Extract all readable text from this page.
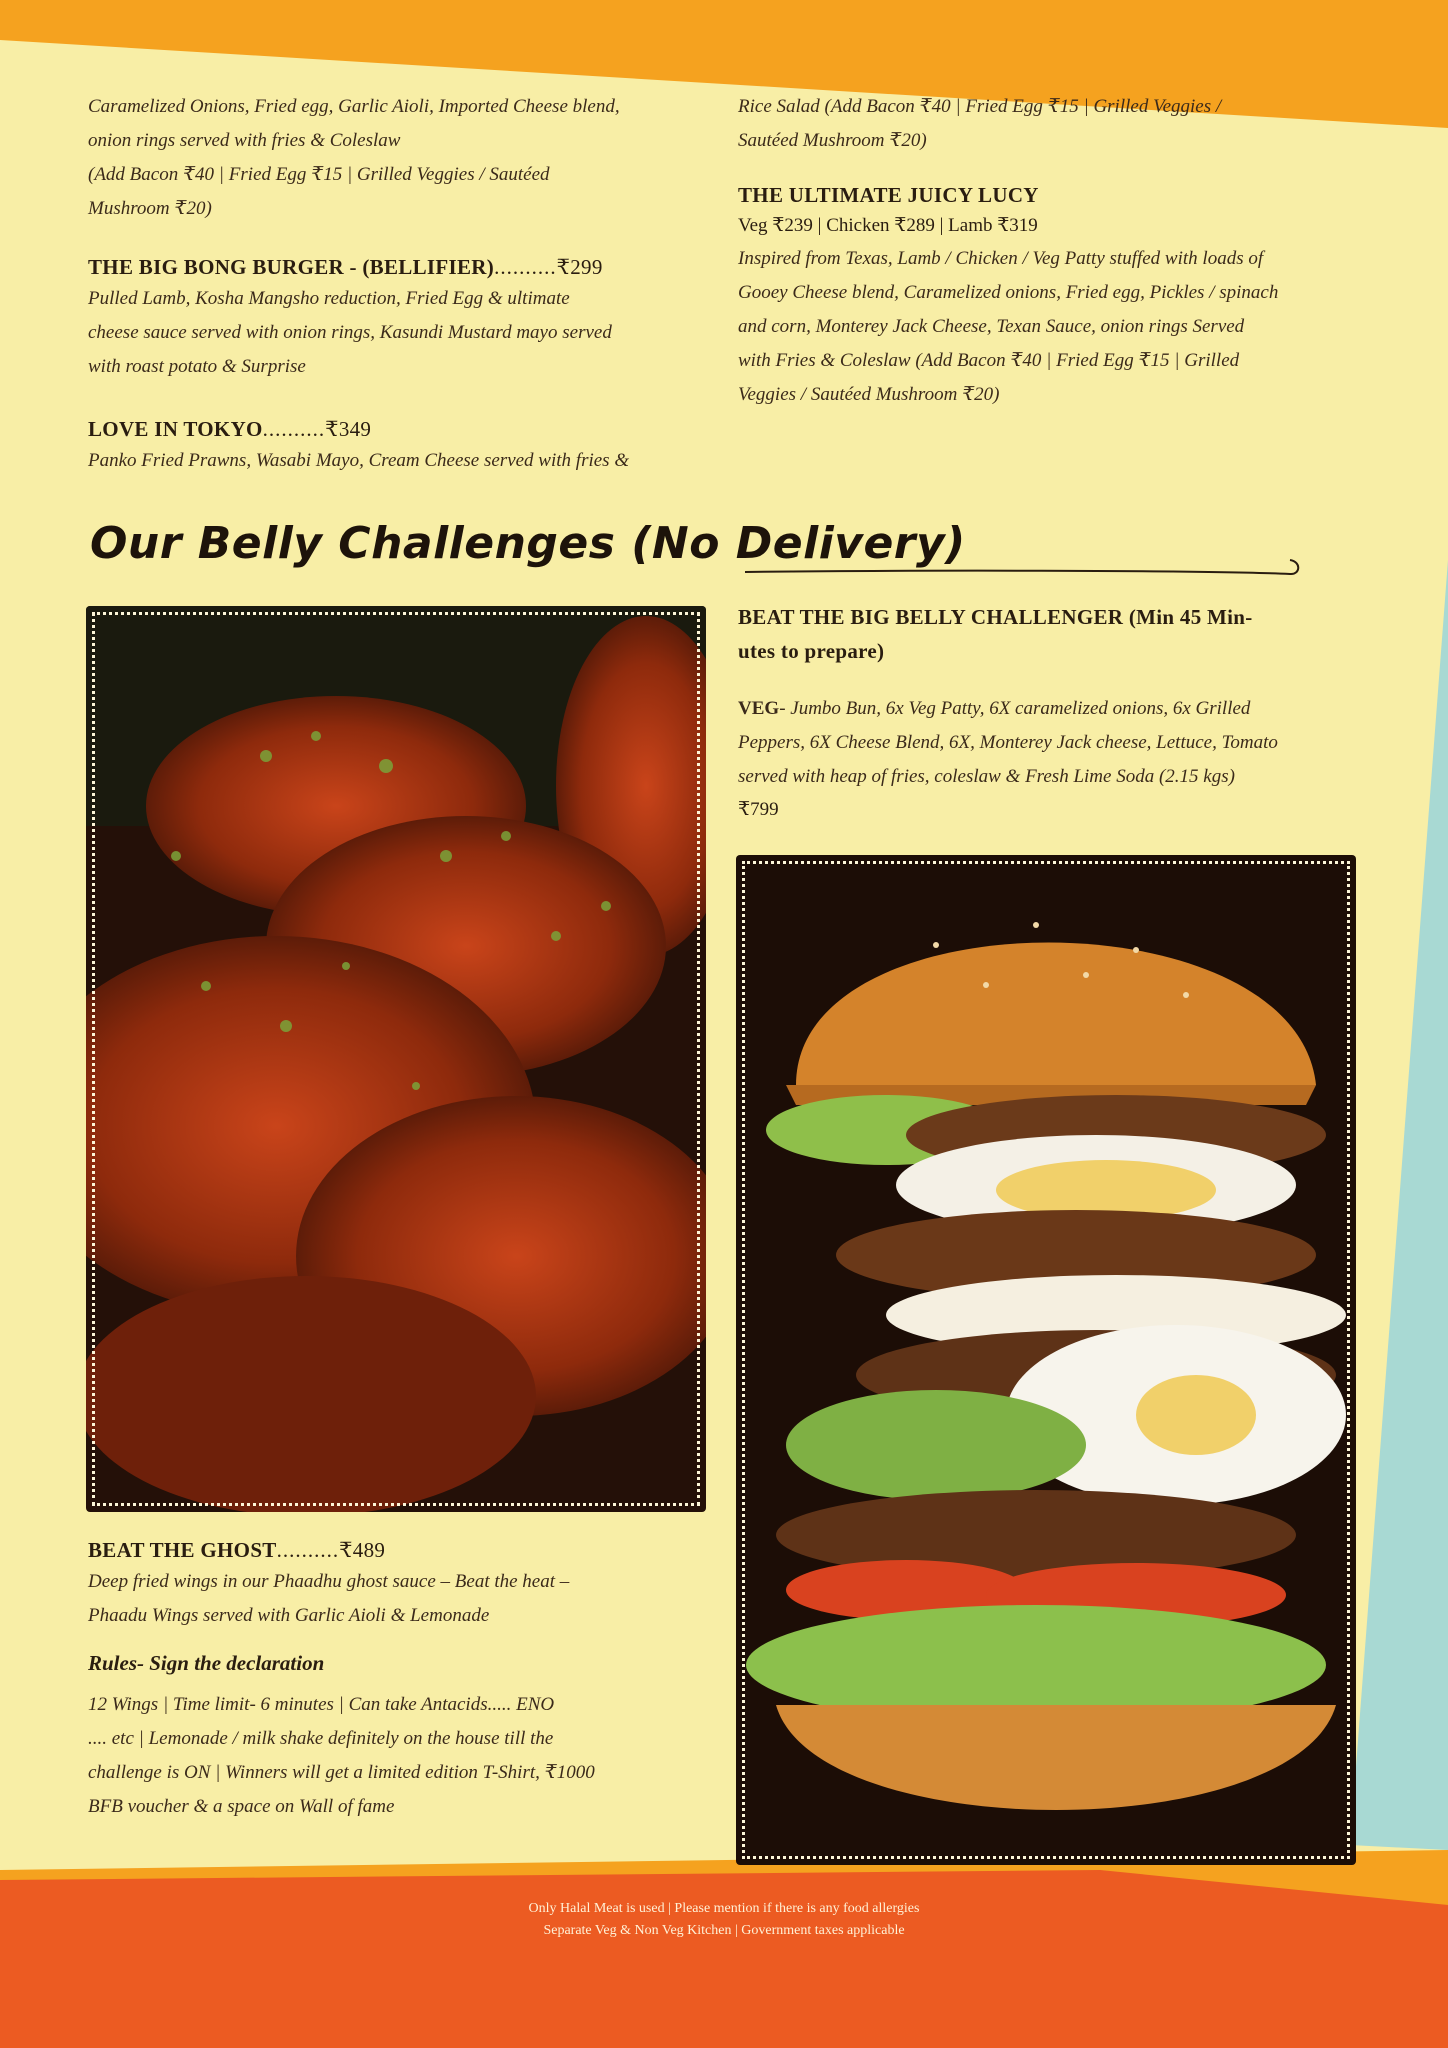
Caramelized Onions, Fried egg, Garlic Aioli, Imported Cheese blend,

onion rings served with fries & Coleslaw

(Add Bacon ₹40 | Fried Egg ₹15 | Grilled Veggies / Sautéed

Mushroom ₹20)

THE BIG BONG BURGER - (BELLIFIER)..........₹299

Pulled Lamb, Kosha Mangsho reduction, Fried Egg & ultimate

cheese sauce served with onion rings, Kasundi Mustard mayo served

with roast potato & Surprise

LOVE IN TOKYO..........₹349

Panko Fried Prawns, Wasabi Mayo, Cream Cheese served with fries &

Rice Salad (Add Bacon ₹40 | Fried Egg ₹15 | Grilled Veggies /

Sautéed Mushroom ₹20)

THE ULTIMATE JUICY LUCY

Veg ₹239 | Chicken ₹289 | Lamb ₹319

Inspired from Texas, Lamb / Chicken / Veg Patty stuffed with loads of

Gooey Cheese blend, Caramelized onions, Fried egg, Pickles / spinach

and corn, Monterey Jack Cheese, Texan Sauce, onion rings Served

with Fries & Coleslaw (Add Bacon ₹40 | Fried Egg ₹15 | Grilled

Veggies / Sautéed Mushroom ₹20)

Our Belly Challenges (No Delivery)

BEAT THE GHOST..........₹489

Deep fried wings in our Phaadhu ghost sauce – Beat the heat –

Phaadu Wings served with Garlic Aioli & Lemonade

Rules- Sign the declaration

12 Wings | Time limit- 6 minutes | Can take Antacids..... ENO

.... etc | Lemonade / milk shake definitely on the house till the

challenge is ON | Winners will get a limited edition T-Shirt, ₹1000

BFB voucher & a space on Wall of fame

BEAT THE BIG BELLY CHALLENGER (Min 45 Min-

utes to prepare)

VEG- Jumbo Bun, 6x Veg Patty, 6X caramelized onions, 6x Grilled

Peppers, 6X Cheese Blend, 6X, Monterey Jack cheese, Lettuce, Tomato

served with heap of fries, coleslaw & Fresh Lime Soda (2.15 kgs)

₹799

Only Halal Meat is used | Please mention if there is any food allergies
Separate Veg & Non Veg Kitchen | Government taxes applicable
